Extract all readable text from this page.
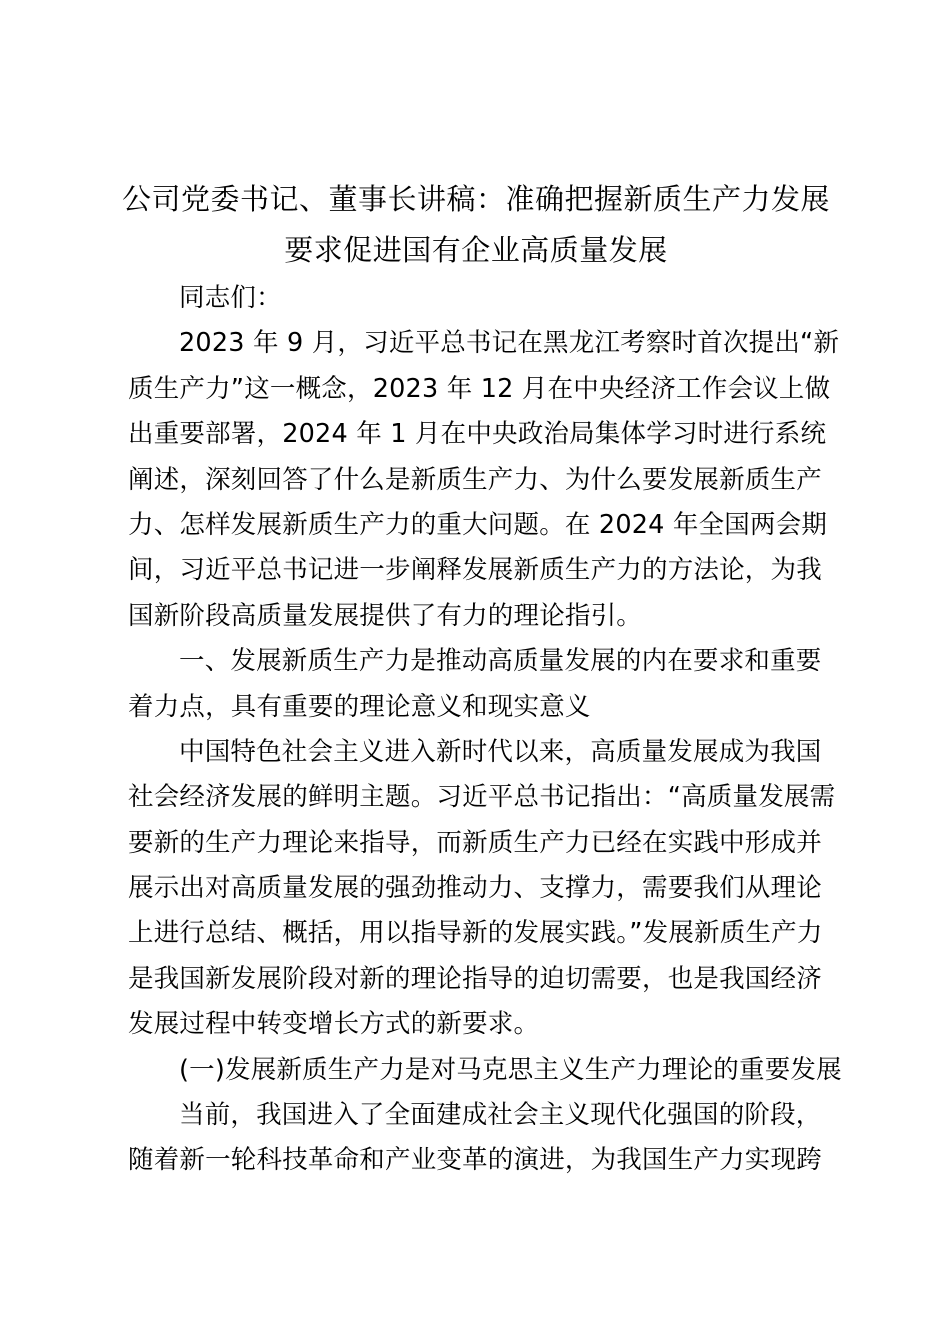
公司党委书记、董事长讲稿：准确把握新质生产力发展
要求促进国有企业高质量发展
同志们：
2023 年 9 月，习近平总书记在黑龙江考察时首次提出“新
质生产力”这一概念，2023 年 12 月在中央经济工作会议上做
出重要部署，2024 年 1 月在中央政治局集体学习时进行系统
阐述，深刻回答了什么是新质生产力、为什么要发展新质生产
力、怎样发展新质生产力的重大问题。在 2024 年全国两会期
间，习近平总书记进一步阐释发展新质生产力的方法论，为我
国新阶段高质量发展提供了有力的理论指引。
一、发展新质生产力是推动高质量发展的内在要求和重要
着力点，具有重要的理论意义和现实意义
中国特色社会主义进入新时代以来，高质量发展成为我国
社会经济发展的鲜明主题。习近平总书记指出：“高质量发展需
要新的生产力理论来指导，而新质生产力已经在实践中形成并
展示出对高质量发展的强劲推动力、支撑力，需要我们从理论
上进行总结、概括，用以指导新的发展实践。”发展新质生产力
是我国新发展阶段对新的理论指导的迫切需要，也是我国经济
发展过程中转变增长方式的新要求。
(一)发展新质生产力是对马克思主义生产力理论的重要发展
当前，我国进入了全面建成社会主义现代化强国的阶段，
随着新一轮科技革命和产业变革的演进，为我国生产力实现跨
